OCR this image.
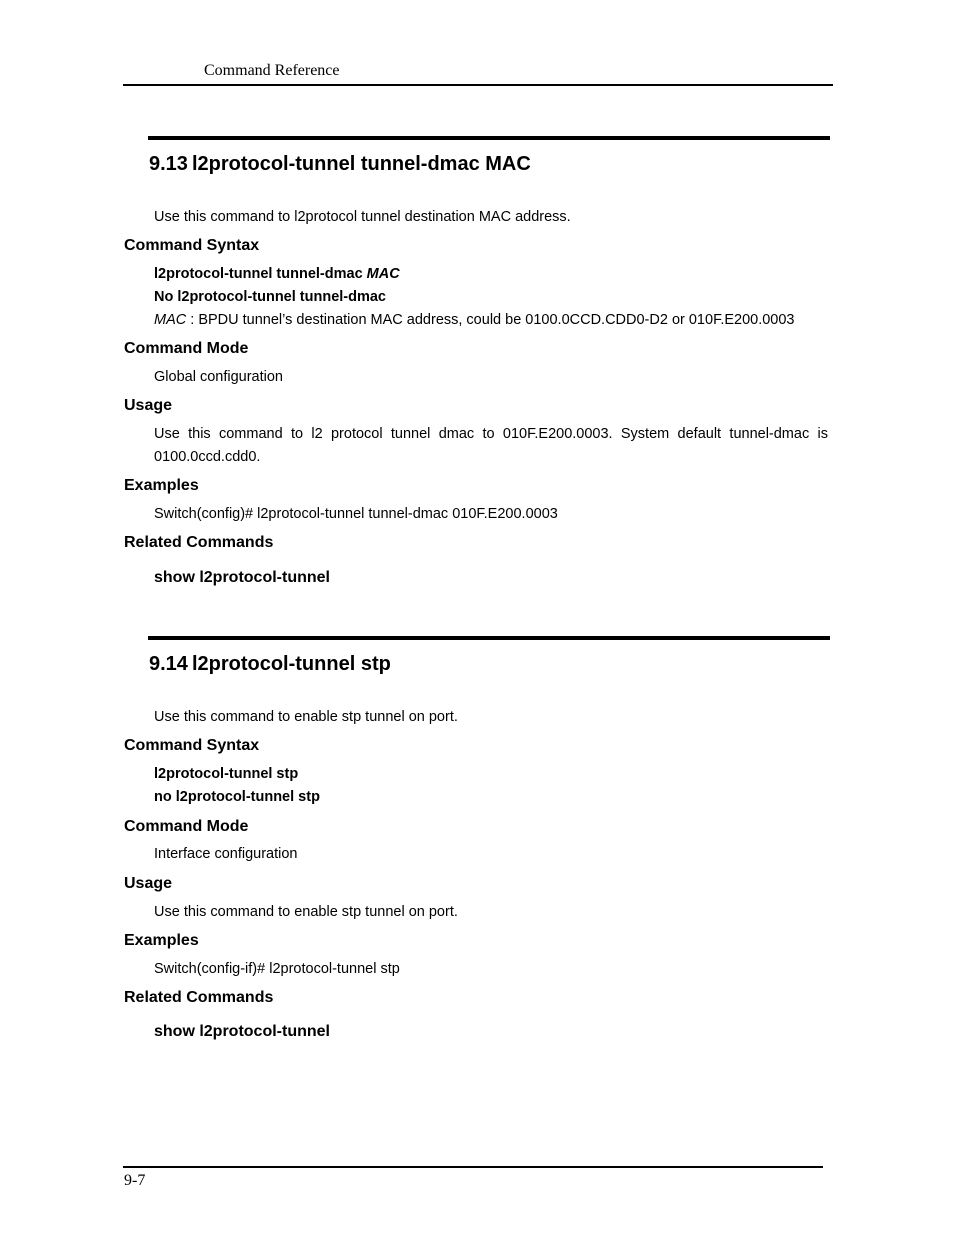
Command Reference
9.13 l2protocol-tunnel tunnel-dmac MAC
Use this command to l2protocol tunnel destination MAC address.
Command Syntax
l2protocol-tunnel tunnel-dmac MAC
No l2protocol-tunnel tunnel-dmac
MAC : BPDU tunnel’s destination MAC address, could be 0100.0CCD.CDD0-D2 or 010F.E200.0003
Command Mode
Global configuration
Usage
Use this command to l2 protocol tunnel dmac to 010F.E200.0003. System default tunnel-dmac is 0100.0ccd.cdd0.
Examples
Switch(config)# l2protocol-tunnel tunnel-dmac 010F.E200.0003
Related Commands
show l2protocol-tunnel
9.14 l2protocol-tunnel stp
Use this command to enable stp tunnel on port.
Command Syntax
l2protocol-tunnel stp
no l2protocol-tunnel stp
Command Mode
Interface configuration
Usage
Use this command to enable stp tunnel on port.
Examples
Switch(config-if)# l2protocol-tunnel stp
Related Commands
show l2protocol-tunnel
9-7
